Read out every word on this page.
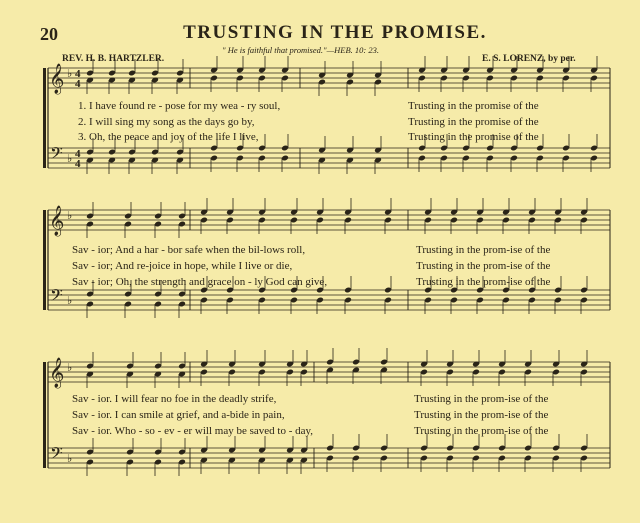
20	TRUSTING IN THE PROMISE.
REV. H. B. HARTZLER.
" He is faithful that promised."—HEB. 10: 23.
E. S. LORENZ, by per.
𝄞
𝄢
♭
♭
4
4
4
4
𝄞
𝄢
♭
♭
𝄞
𝄢
♭
♭
1. I have found re - pose for my wea - ry soul,	Trusting in the promise of the
2. I will sing my song as the days go by,	Trusting in the promise of the
3. Oh, the peace and joy of the life I live,	Trusting in the promise of the
Sav - ior; And a har - bor safe when the bil-lows roll,	Trusting in the prom-ise of the
Sav - ior; And re-joice in hope, while I live or die,	Trusting in the prom-ise of the
Sav - ior; Oh, the strength and grace on - ly God can give,	Trusting in the prom-ise of the
Sav - ior. I will fear no foe in the deadly strife,	Trusting in the prom-ise of the
Sav - ior. I can smile at grief, and a-bide in pain,	Trusting in the prom-ise of the
Sav - ior. Who - so - ev - er will may be saved to - day,	Trusting in the prom-ise of the
